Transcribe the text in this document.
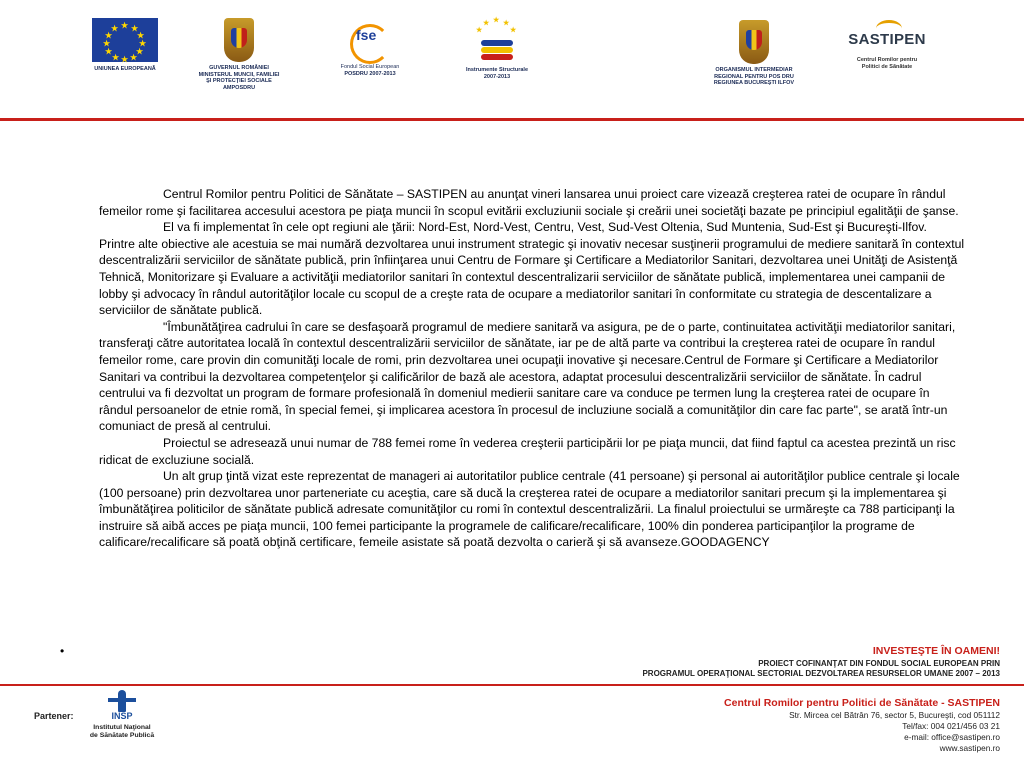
★ ★
★
★
★
★
★
★
★
★
★
★
UNIUNEA EUROPEANĂ	GUVERNUL ROMÂNIEI
MINISTERUL MUNCII, FAMILIEI
ŞI PROTECŢIEI SOCIALE
AMPOSDRU
fse
Fondul Social European
POSDRU 2007-2013
★ ★
★
★
★
Instrumente Structurale
2007-2013
ORGANISMUL INTERMEDIAR
REGIONAL PENTRU POS DRU
REGIUNEA BUCUREŞTI ILFOV
SASTIPEN
Centrul Romilor pentru
Politici de Sănătate

Centrul Romilor pentru Politici de Sănătate – SASTIPEN au anunţat vineri lansarea unui proiect care vizează creşterea ratei de ocupare în rândul femeilor rome şi facilitarea accesului acestora pe piaţa muncii în scopul evitării excluziunii sociale şi creării unei societăţi bazate pe principiul egalităţii de şanse.

El va fi implementat în cele opt regiuni ale ţării: Nord-Est, Nord-Vest, Centru, Vest, Sud-Vest Oltenia, Sud Muntenia, Sud-Est şi Bucureşti-Ilfov. Printre alte obiective ale acestuia se mai numără dezvoltarea unui instrument strategic şi inovativ necesar susţinerii programului de mediere sanitară în contextul descentralizării serviciilor de sănătate publică, prin înfiinţarea unui Centru de Formare şi Certificare a Mediatorilor Sanitari, dezvoltarea unei Unităţi de Asistenţă Tehnică, Monitorizare şi Evaluare a activităţii mediatorilor sanitari în contextul descentralizarii serviciilor de sănătate publică, implementarea unei campanii de lobby şi advocacy în rândul autorităţilor locale cu scopul de a creşte rata de ocupare a mediatorilor sanitari în conformitate cu strategia de descentalizare a serviciilor de sănătate publică.

"Îmbunătăţirea cadrului în care se desfaşoară programul de mediere sanitară va asigura, pe de o parte, continuitatea activităţii mediatorilor sanitari, transferaţi către autoritatea locală în contextul descentralizării serviciilor de sănătate, iar pe de altă parte va contribui la creşterea ratei de ocupare în randul femeilor rome, care provin din comunităţi locale de romi, prin dezvoltarea unei ocupaţii inovative şi necesare.Centrul de Formare şi Certificare a Mediatorilor Sanitari va contribui la dezvoltarea competenţelor şi calificărilor de bază ale acestora, adaptat procesului descentralizării serviciilor de sănătate. În cadrul centrului va fi dezvoltat un program de formare profesională în domeniul medierii sanitare care va conduce pe termen lung la creşterea ratei de ocupare în rândul persoanelor de etnie romă, în special femei, şi implicarea acestora în procesul de incluziune socială a comunităţilor din care fac parte", se arată într-un comuniact de presă al centrului.

Proiectul se adresează unui numar de 788 femei rome în vederea creşterii participării lor pe piaţa muncii, dat fiind faptul ca acestea prezintă un risc ridicat de excluziune socială.

Un alt grup ţintă vizat este reprezentat de manageri ai autoritatilor publice centrale (41 persoane) şi personal ai autorităţilor publice centrale şi locale (100 persoane) prin dezvoltarea unor parteneriate cu aceştia, care să ducă la creşterea ratei de ocupare a mediatorilor sanitari precum şi la implementarea şi îmbunătăţirea politicilor de sănătate publică adresate comunităţilor cu romi în contextul descentralizării. La finalul proiectului se urmăreşte ca 788 participanţi la instruire să aibă acces pe piaţa muncii, 100 femei participante la programele de calificare/recalificare, 100% din ponderea participanţilor la programe de calificare/recalificare să poată obţină certificare, femeile asistate să poată dezvolta o carieră şi să avanseze.GOODAGENCY

•	INVESTEŞTE ÎN OAMENI!
PROIECT COFINANŢAT DIN FONDUL SOCIAL EUROPEAN PRIN
PROGRAMUL OPERAŢIONAL SECTORIAL DEZVOLTAREA RESURSELOR UMANE 2007 – 2013
Partener:	INSP
Institutul Naţional
de Sănătate Publică
Centrul Romilor pentru Politici de Sănătate - SASTIPEN
Str. Mircea cel Bătrân 76, sector 5, Bucureşti, cod 051112
Tel/fax: 004 021/456 03 21
e-mail: office@sastipen.ro
www.sastipen.ro
